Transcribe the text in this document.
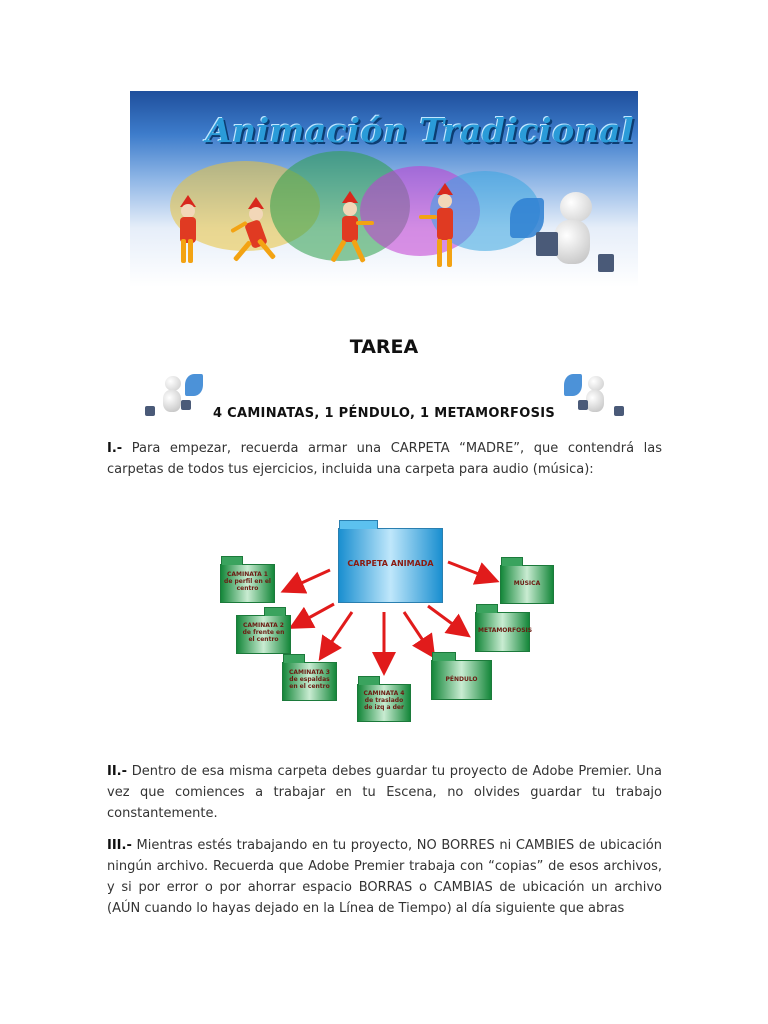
Animación Tradicional
TAREA
4 CAMINATAS, 1 PÉNDULO, 1 METAMORFOSIS
I.- Para empezar, recuerda armar una CARPETA “MADRE”, que contendrá las carpetas de todos tus ejercicios, incluida una carpeta para audio (música):
CARPETA ANIMADA
CAMINATA 1 de perfil en el centro
CAMINATA 2 de frente en el centro
CAMINATA 3 de espaldas en el centro
CAMINATA 4 de traslado de izq a der
PÉNDULO
METAMORFOSIS
MÚSICA
II.- Dentro de esa misma carpeta debes guardar tu proyecto de Adobe Premier. Una vez que comiences a trabajar en tu Escena, no olvides guardar tu trabajo constantemente.
III.- Mientras estés trabajando en tu proyecto, NO BORRES ni CAMBIES de ubicación ningún archivo. Recuerda que Adobe Premier trabaja con “copias” de esos archivos, y si por error o por ahorrar espacio BORRAS o CAMBIAS de ubicación un archivo (AÚN cuando lo hayas dejado en la Línea de Tiempo) al día siguiente que abras
